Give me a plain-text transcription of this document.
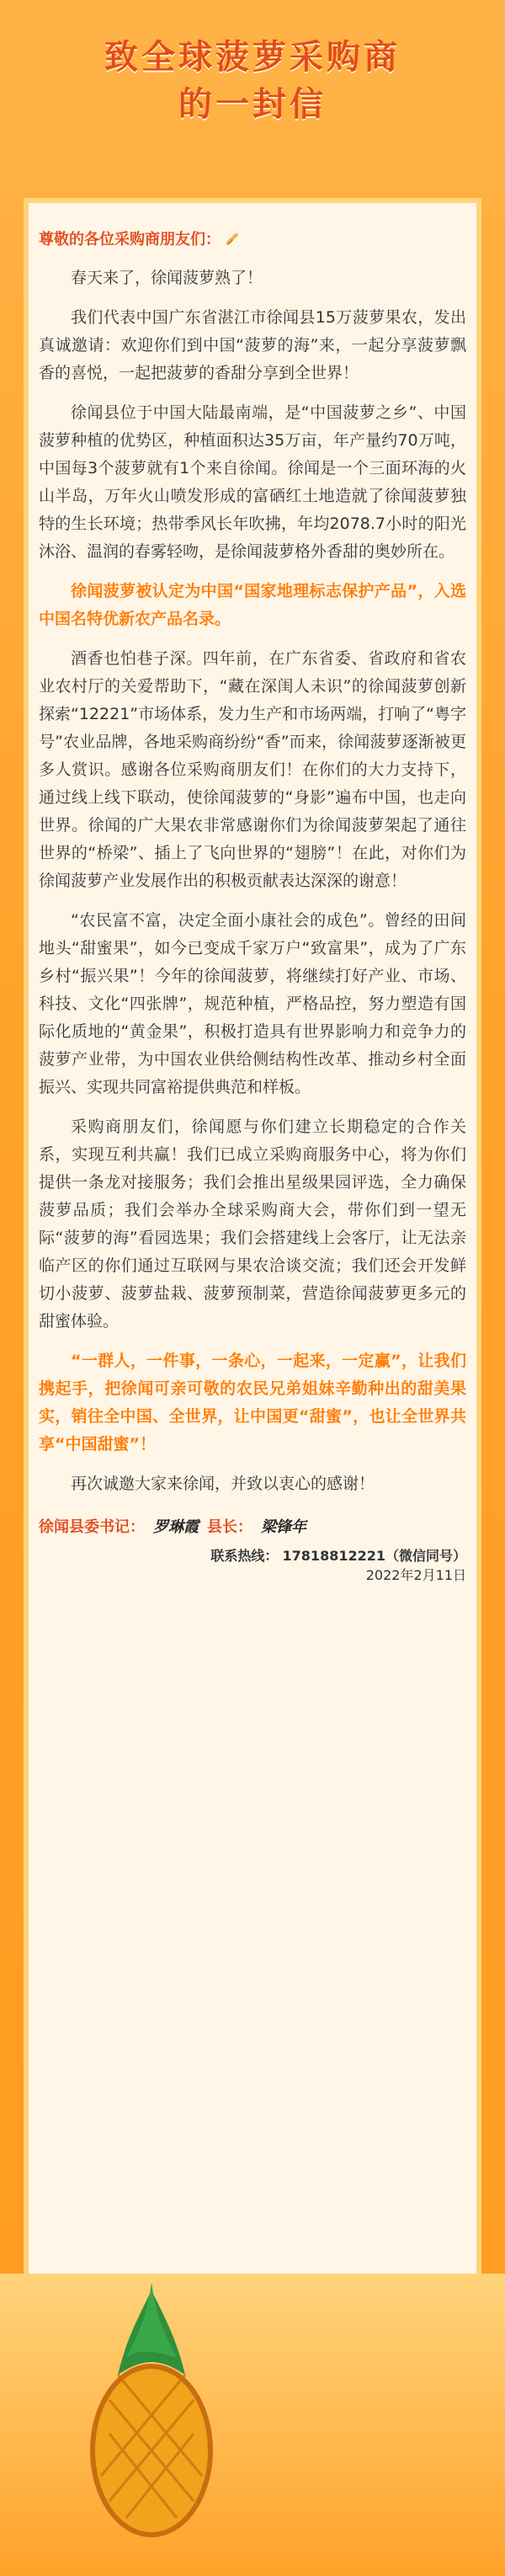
致全球菠萝采购商
的一封信

尊敬的各位采购商朋友们：

春天来了，徐闻菠萝熟了！

我们代表中国广东省湛江市徐闻县15万菠萝果农，发出真诚邀请：欢迎你们到中国“菠萝的海”来，一起分享菠萝飘香的喜悦，一起把菠萝的香甜分享到全世界！

徐闻县位于中国大陆最南端，是“中国菠萝之乡”、中国菠萝种植的优势区，种植面积达35万亩，年产量约70万吨，中国每3个菠萝就有1个来自徐闻。徐闻是一个三面环海的火山半岛，万年火山喷发形成的富硒红土地造就了徐闻菠萝独特的生长环境；热带季风长年吹拂，年均2078.7小时的阳光沐浴、温润的春雾轻吻，是徐闻菠萝格外香甜的奥妙所在。

徐闻菠萝被认定为中国“国家地理标志保护产品”，入选中国名特优新农产品名录。

酒香也怕巷子深。四年前，在广东省委、省政府和省农业农村厅的关爱帮助下，“藏在深闺人未识”的徐闻菠萝创新探索“12221”市场体系，发力生产和市场两端，打响了“粤字号”农业品牌，各地采购商纷纷“香”而来，徐闻菠萝逐渐被更多人赏识。感谢各位采购商朋友们！在你们的大力支持下，通过线上线下联动，使徐闻菠萝的“身影”遍布中国，也走向世界。徐闻的广大果农非常感谢你们为徐闻菠萝架起了通往世界的“桥梁”、插上了飞向世界的“翅膀”！在此，对你们为徐闻菠萝产业发展作出的积极贡献表达深深的谢意！

“农民富不富，决定全面小康社会的成色”。曾经的田间地头“甜蜜果”，如今已变成千家万户“致富果”，成为了广东乡村“振兴果”！今年的徐闻菠萝，将继续打好产业、市场、科技、文化“四张牌”，规范种植，严格品控，努力塑造有国际化质地的“黄金果”，积极打造具有世界影响力和竞争力的菠萝产业带，为中国农业供给侧结构性改革、推动乡村全面振兴、实现共同富裕提供典范和样板。

采购商朋友们，徐闻愿与你们建立长期稳定的合作关系，实现互利共赢！我们已成立采购商服务中心，将为你们提供一条龙对接服务；我们会推出星级果园评选，全力确保菠萝品质；我们会举办全球采购商大会，带你们到一望无际“菠萝的海”看园选果；我们会搭建线上会客厅，让无法亲临产区的你们通过互联网与果农洽谈交流；我们还会开发鲜切小菠萝、菠萝盐栽、菠萝预制菜，营造徐闻菠萝更多元的甜蜜体验。

“一群人，一件事，一条心，一起来，一定赢”，让我们携起手，把徐闻可亲可敬的农民兄弟姐妹辛勤种出的甜美果实，销往全中国、全世界，让中国更“甜蜜”，也让全世界共享“中国甜蜜”！

再次诚邀大家来徐闻，并致以衷心的感谢！

徐闻县委书记： 罗琳霞 县长： 梁锋年
联系热线： 17818812221（微信同号）
2022年2月11日
